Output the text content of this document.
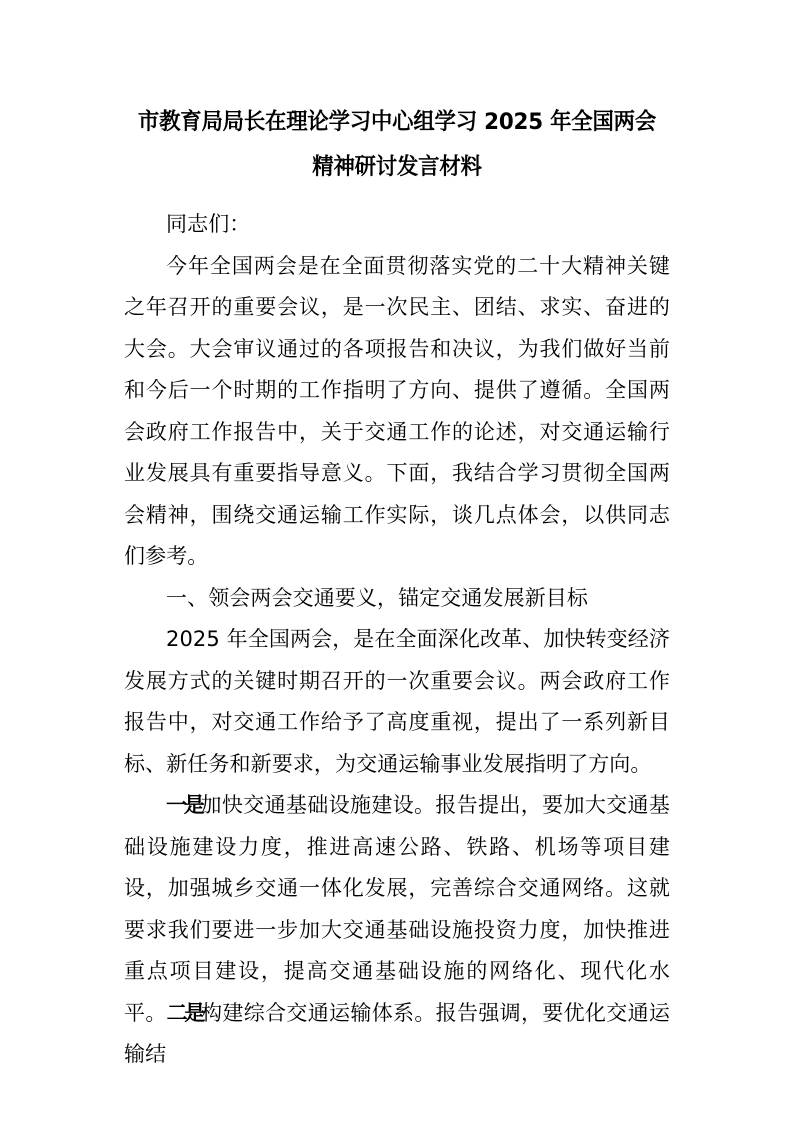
市教育局局长在理论学习中心组学习 2025 年全国两会精神研讨发言材料

同志们：

今年全国两会是在全面贯彻落实党的二十大精神关键之年召开的重要会议，是一次民主、团结、求实、奋进的大会。大会审议通过的各项报告和决议，为我们做好当前和今后一个时期的工作指明了方向、提供了遵循。全国两会政府工作报告中，关于交通工作的论述，对交通运输行业发展具有重要指导意义。下面，我结合学习贯彻全国两会精神，围绕交通运输工作实际，谈几点体会，以供同志们参考。

一、领会两会交通要义，锚定交通发展新目标

2025 年全国两会，是在全面深化改革、加快转变经济发展方式的关键时期召开的一次重要会议。两会政府工作报告中，对交通工作给予了高度重视，提出了一系列新目标、新任务和新要求，为交通运输事业发展指明了方向。

一是加快交通基础设施建设。报告提出，要加大交通基础设施建设力度，推进高速公路、铁路、机场等项目建设，加强城乡交通一体化发展，完善综合交通网络。这就要求我们要进一步加大交通基础设施投资力度，加快推进重点项目建设，提高交通基础设施的网络化、现代化水平。二是构建综合交通运输体系。报告强调，要优化交通运输结
